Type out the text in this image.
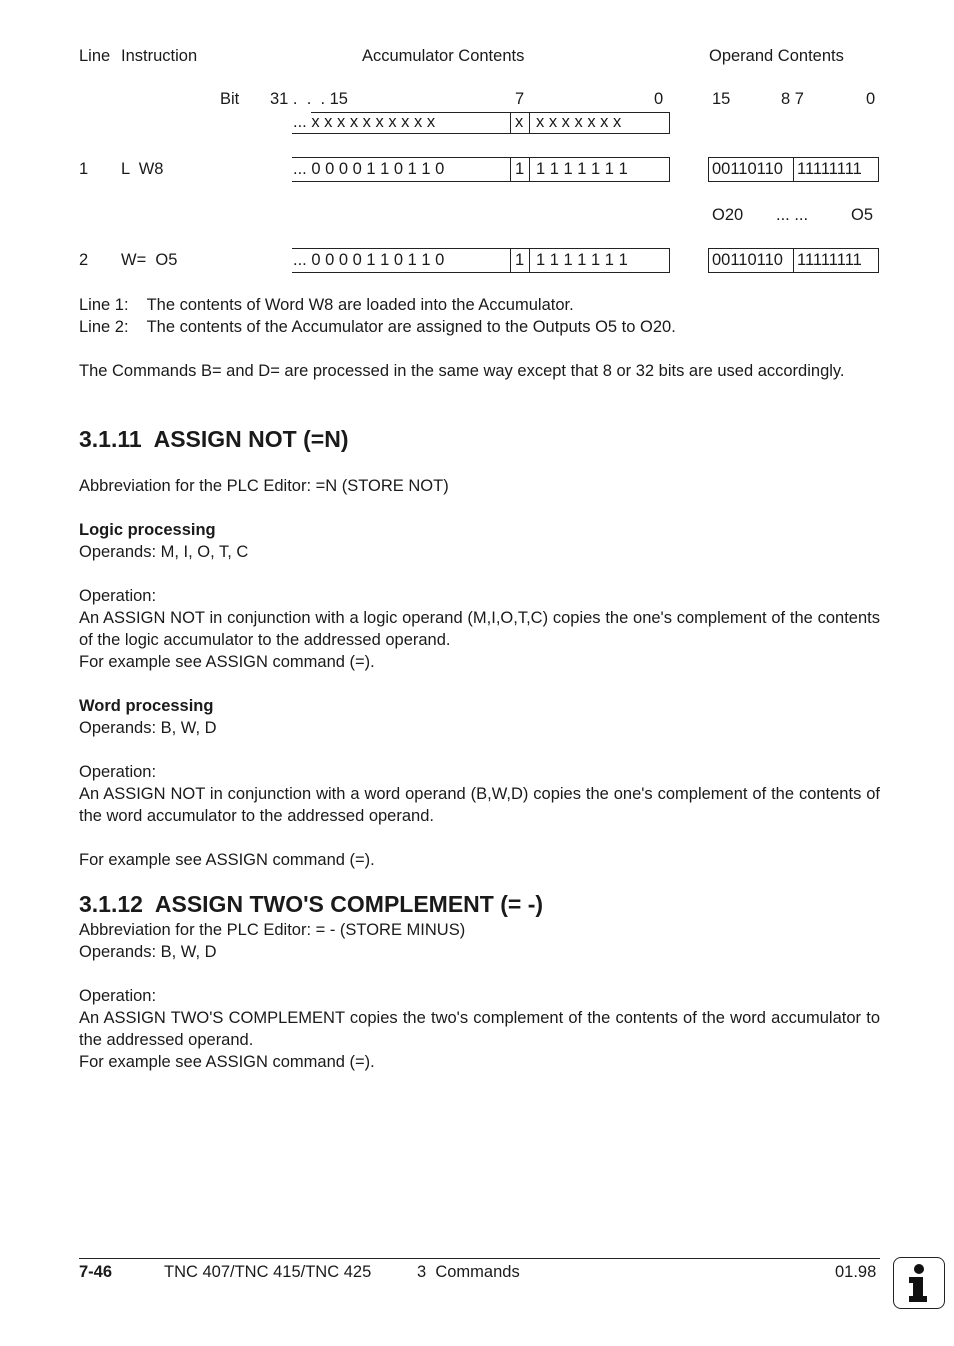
Line Instruction	Accumulator Contents	Operand Contents
Bit 31 .  .  . 15	7	0	15	8 7	0
... x x x x x x x x x x	x x x x x x x x
1 L  W8	... 0 0 0 0 1 1 0 1 1 0	1 1 1 1 1 1 1 1	00110110 11111111
O20 ... ...	O5
2 W=  O5	... 0 0 0 0 1 1 0 1 1 0	1 1 1 1 1 1 1 1	00110110 11111111

Line 1:    The contents of Word W8 are loaded into the Accumulator.

Line 2:    The contents of the Accumulator are assigned to the Outputs O5 to O20.

The Commands B= and D= are processed in the same way except that 8 or 32 bits are used accordingly.

3.1.11  ASSIGN NOT (=N)

Abbreviation for the PLC Editor: =N (STORE NOT)

Logic processing

Operands: M, I, O, T, C

Operation:

An ASSIGN NOT in conjunction with a logic operand (M,I,O,T,C) copies the one's complement of the contents of the logic accumulator to the addressed operand.

For example see ASSIGN command (=).

Word processing

Operands: B, W, D

Operation:

An ASSIGN NOT in conjunction with a word operand (B,W,D) copies the one's complement of the contents of the word accumulator to the addressed operand.

For example see ASSIGN command (=).

3.1.12  ASSIGN TWO'S COMPLEMENT (= -)

Abbreviation for the PLC Editor: = - (STORE MINUS)

Operands: B, W, D

Operation:

An ASSIGN TWO'S COMPLEMENT copies the two's complement of the contents of the word accumulator to the addressed operand.

For example see ASSIGN command (=).

7-46	TNC 407/TNC 415/TNC 425	3  Commands	01.98
